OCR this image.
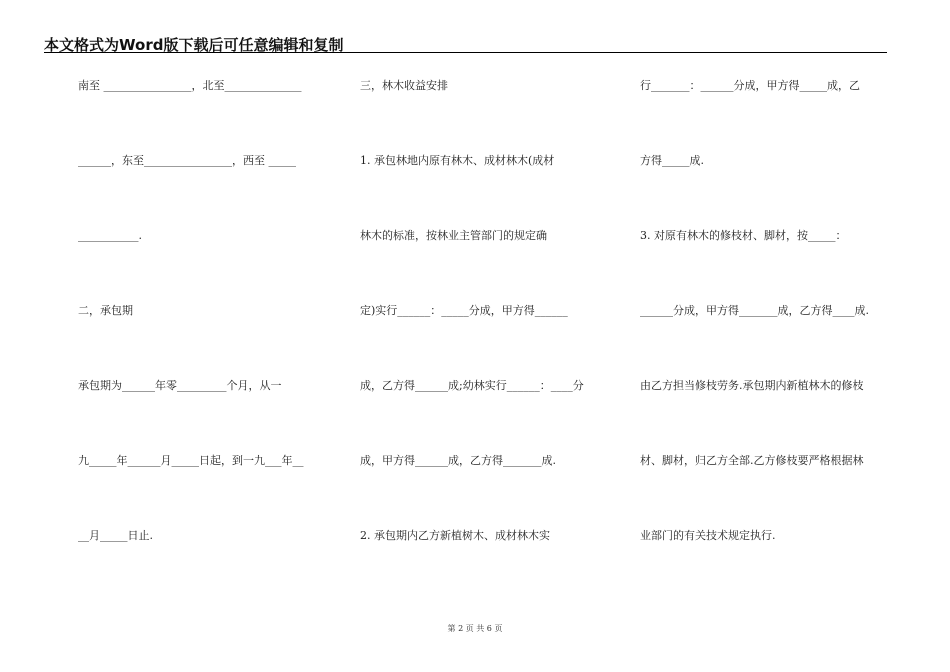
本文格式为Word版下载后可任意编辑和复制
南至 ________________，北至______________
______，东至________________，西至 _____
___________.
二，承包期
承包期为______年零_________个月，从一
九_____年______月_____日起，到一九___年__
__月_____日止.
三，林木收益安排
1. 承包林地内原有林木、成材林木(成材
林木的标准，按林业主管部门的规定确
定)实行______：_____分成，甲方得______
成，乙方得______成;幼林实行______：____分
成，甲方得______成，乙方得_______成.
2. 承包期内乙方新植树木、成材林木实
行_______：______分成，甲方得_____成，乙
方得_____成.
3. 对原有林木的修枝材、脚材，按_____：
______分成，甲方得_______成，乙方得____成.
由乙方担当修枝劳务.承包期内新植林木的修枝
材、脚材，归乙方全部.乙方修枝要严格根据林
业部门的有关技术规定执行.
第 2 页 共 6 页
